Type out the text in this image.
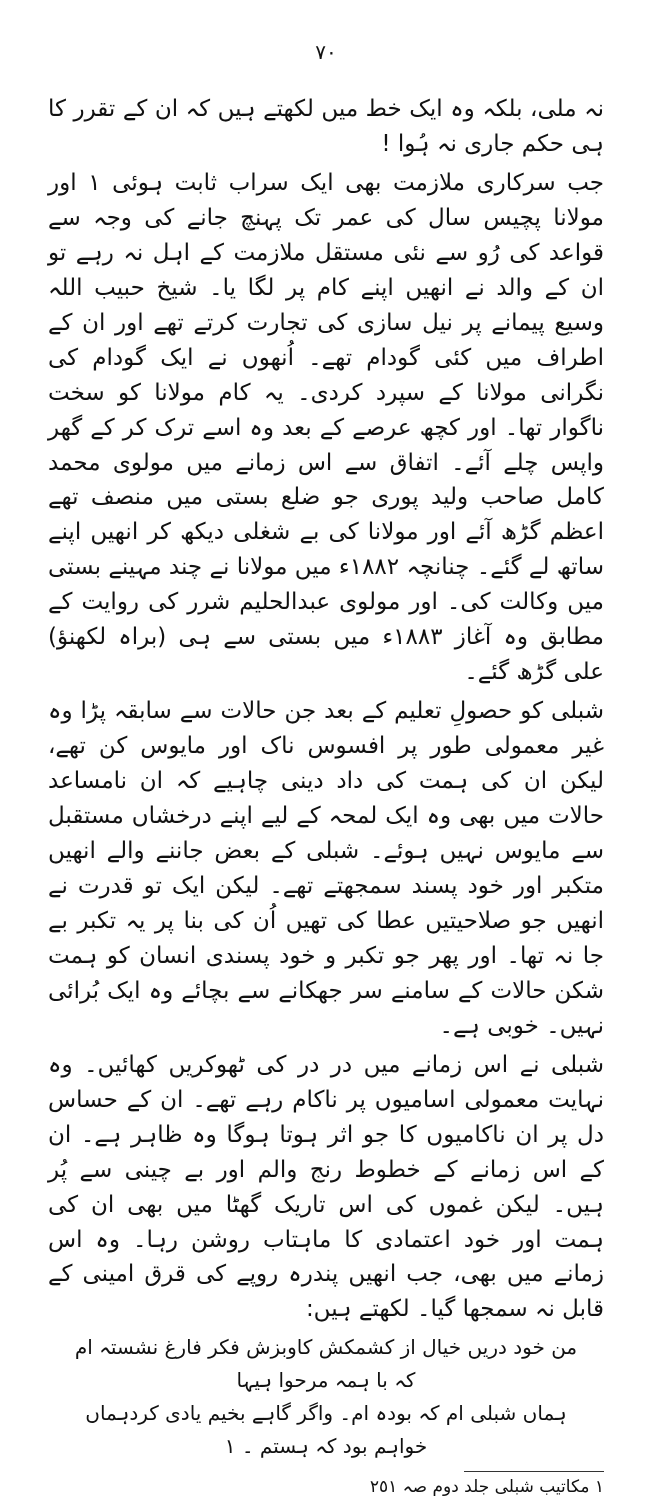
٧٠

نہ ملی، بلکہ وہ ایک خط میں لکھتے ہیں کہ ان کے تقرر کا ہی حکم جاری نہ ہُوا !

جب سرکاری ملازمت بھی ایک سراب ثابت ہوئی ١ اور مولانا پچیس سال کی عمر تک پہنچ جانے کی وجہ سے قواعد کی رُو سے نئی مستقل ملازمت کے اہل نہ رہے تو ان کے والد نے انھیں اپنے کام پر لگا یا۔ شیخ حبیب اللہ وسیع پیمانے پر نیل سازی کی تجارت کرتے تھے اور ان کے اطراف میں کئی گودام تھے۔ اُنھوں نے ایک گودام کی نگرانی مولانا کے سپرد کردی۔ یہ کام مولانا کو سخت ناگوار تھا۔ اور کچھ عرصے کے بعد وہ اسے ترک کر کے گھر واپس چلے آئے۔ اتفاق سے اس زمانے میں مولوی محمد کامل صاحب ولید پوری جو ضلع بستی میں منصف تھے اعظم گڑھ آئے اور مولانا کی بے شغلی دیکھ کر انھیں اپنے ساتھ لے گئے۔ چنانچہ ١٨٨٢ء میں مولانا نے چند مہینے بستی میں وکالت کی۔ اور مولوی عبدالحلیم شرر کی روایت کے مطابق وہ آغاز ١٨٨٣ء میں بستی سے ہی (براہ لکھنؤ) علی گڑھ گئے۔

شبلی کو حصولِ تعلیم کے بعد جن حالات سے سابقہ پڑا وہ غیر معمولی طور پر افسوس ناک اور مایوس کن تھے، لیکن ان کی ہمت کی داد دینی چاہیے کہ ان نامساعد حالات میں بھی وہ ایک لمحہ کے لیے اپنے درخشاں مستقبل سے مایوس نہیں ہوئے۔ شبلی کے بعض جاننے والے انھیں متکبر اور خود پسند سمجھتے تھے۔ لیکن ایک تو قدرت نے انھیں جو صلاحیتیں عطا کی تھیں اُن کی بنا پر یہ تکبر بے جا نہ تھا۔ اور پھر جو تکبر و خود پسندی انسان کو ہمت شکن حالات کے سامنے سر جھکانے سے بچائے وہ ایک بُرائی نہیں۔ خوبی ہے۔

شبلی نے اس زمانے میں در در کی ٹھوکریں کھائیں۔ وہ نہایت معمولی اسامیوں پر ناکام رہے تھے۔ ان کے حساس دل پر ان ناکامیوں کا جو اثر ہوتا ہوگا وہ ظاہر ہے۔ ان کے اس زمانے کے خطوط رنج والم اور بے چینی سے پُر ہیں۔ لیکن غموں کی اس تاریک گھٹا میں بھی ان کی ہمت اور خود اعتمادی کا ماہتاب روشن رہا۔ وہ اس زمانے میں بھی، جب انھیں پندرہ روپے کی قرق امینی کے قابل نہ سمجھا گیا۔ لکھتے ہیں:

من خود دریں خیال از کشمکش کاوبزش فکر فارغ نشستہ ام کہ با ہمہ مرحوا ہیہا
ہماں شبلی ام کہ بودہ ام۔ واگر گاہے بخیم یادی کردہماں خواہم بود کہ ہستم ۔ ١
١ مکاتیب شبلی جلد دوم صہ ٢٥١
